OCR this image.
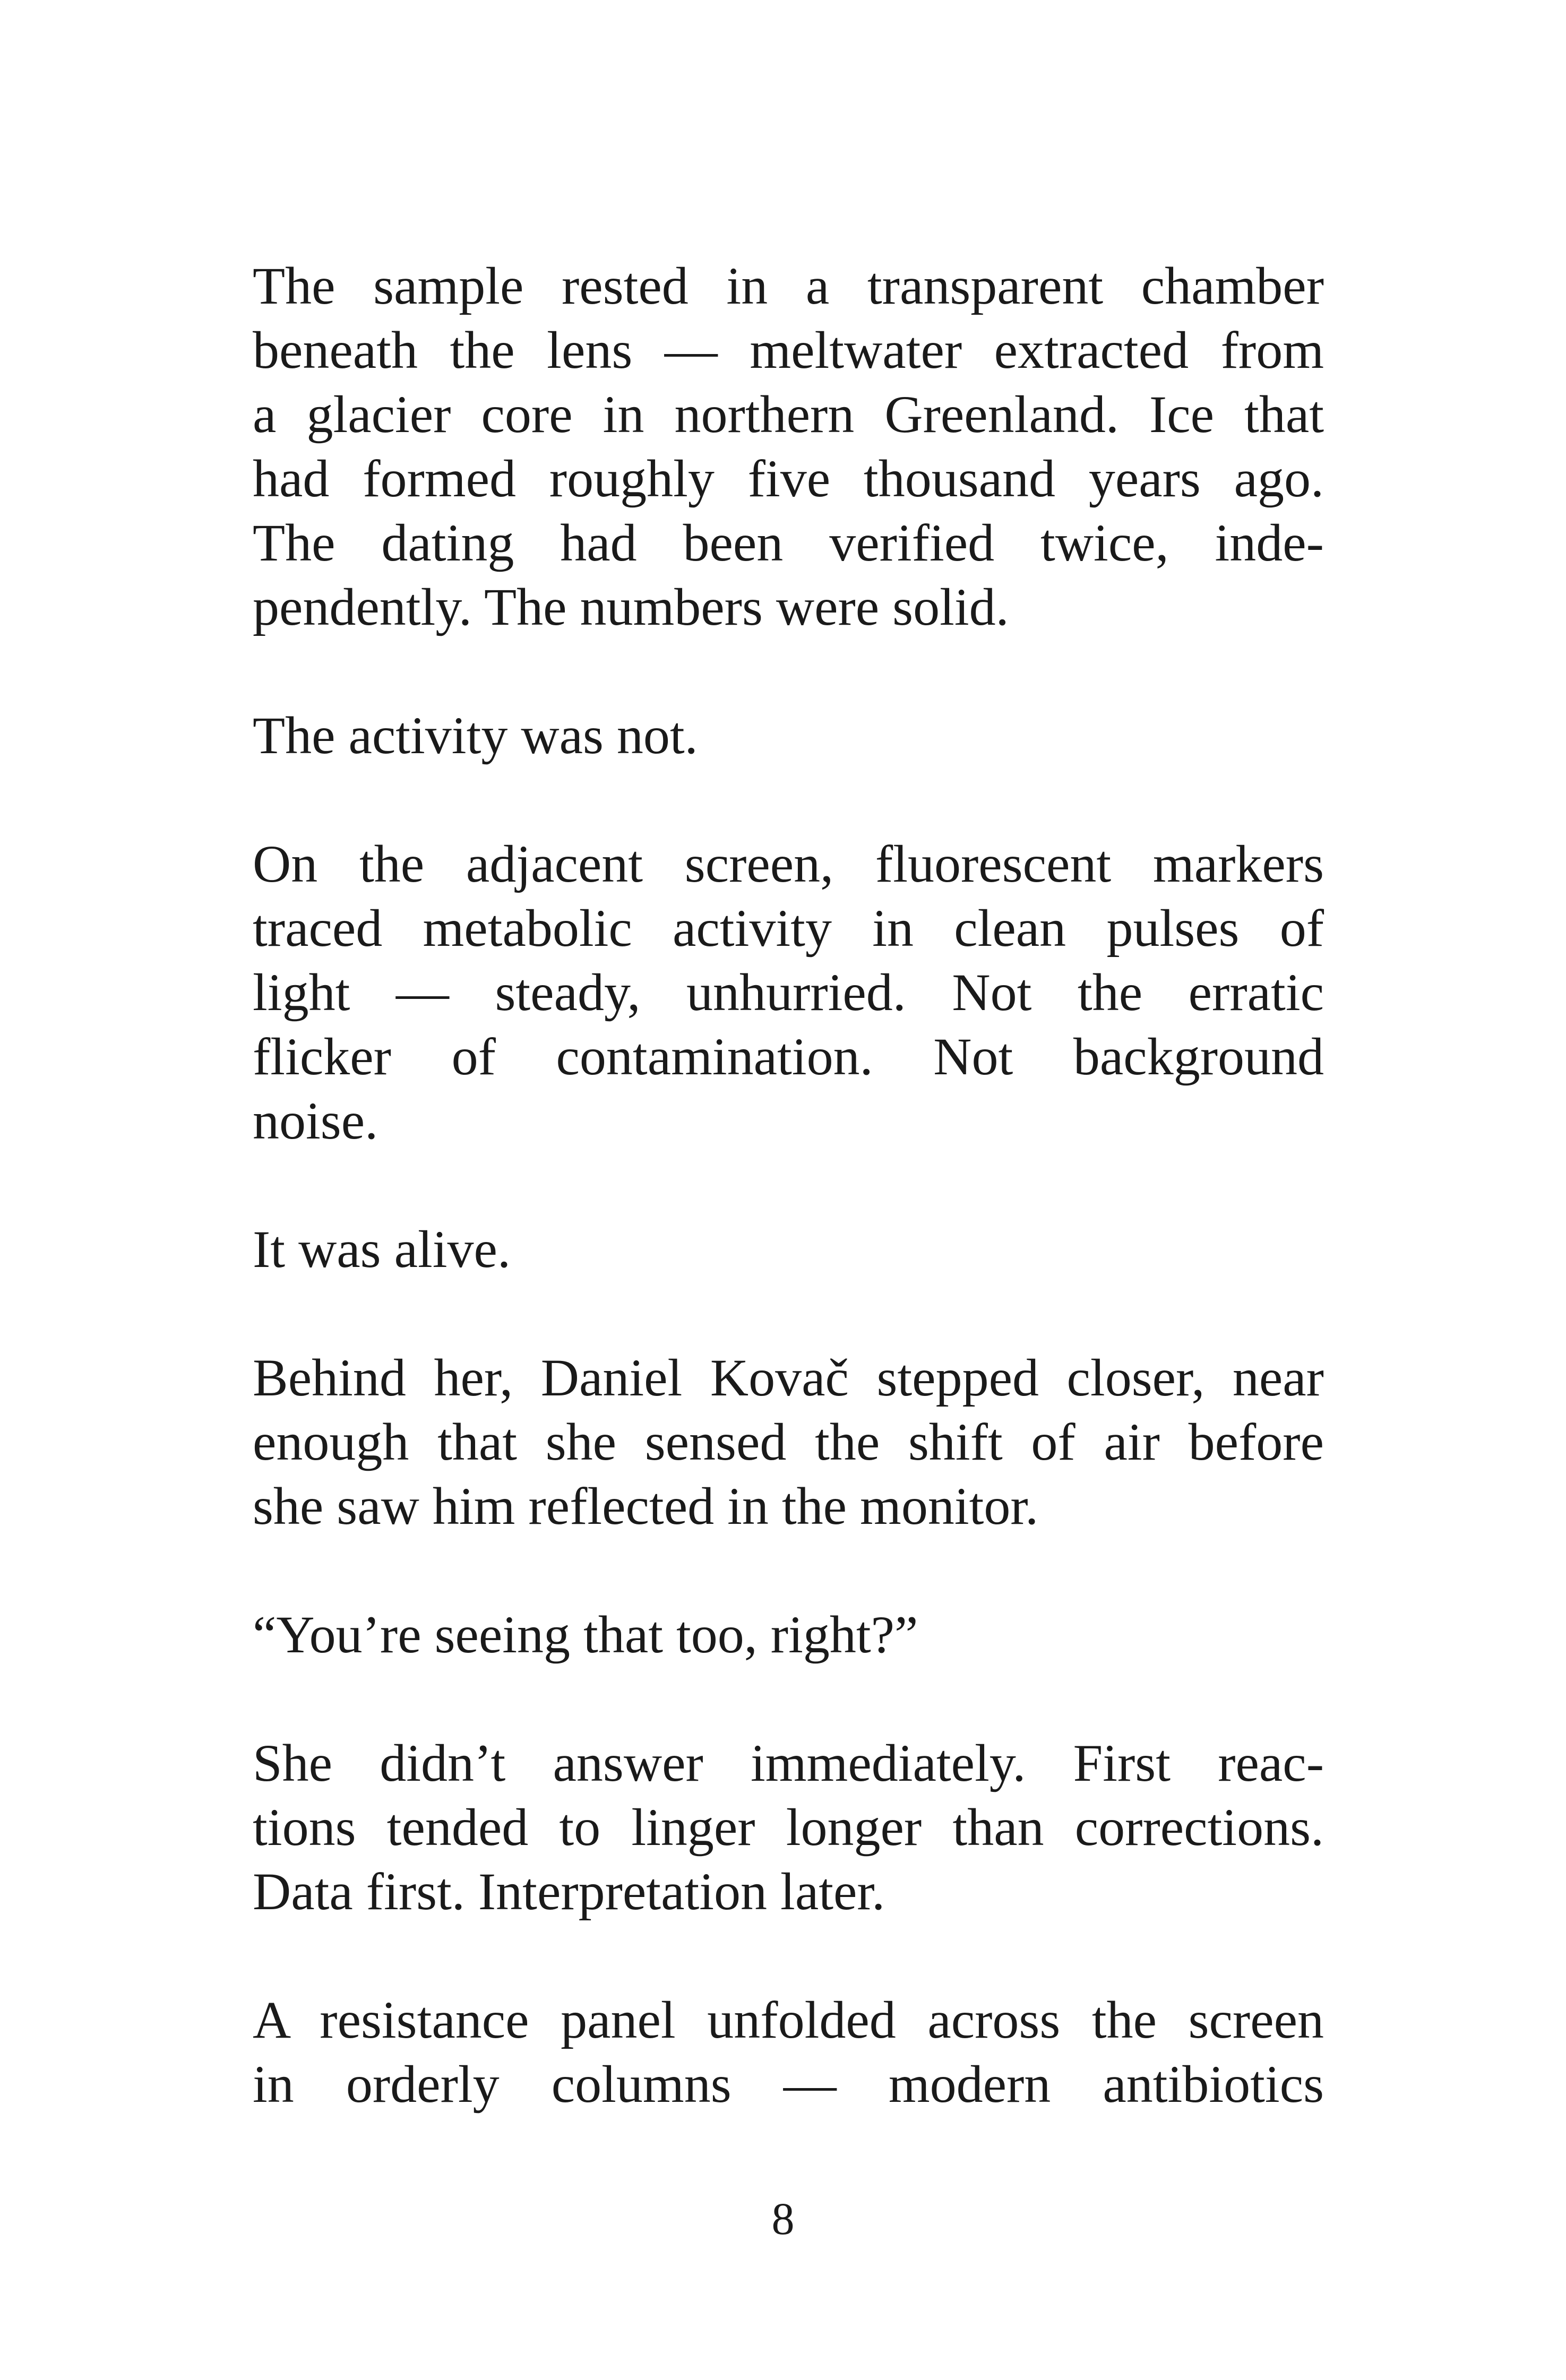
The sample rested in a transparent chamber
beneath the lens — meltwater extracted from
a glacier core in northern Greenland. Ice that
had formed roughly five thousand years ago.
The dating had been verified twice, inde-
pendently. The numbers were solid.

The activity was not.

On the adjacent screen, fluorescent markers
traced metabolic activity in clean pulses of
light — steady, unhurried. Not the erratic
flicker of contamination. Not background
noise.

It was alive.

Behind her, Daniel Kovač stepped closer, near
enough that she sensed the shift of air before
she saw him reflected in the monitor.

“You’re seeing that too, right?”

She didn’t answer immediately. First reac-
tions tended to linger longer than corrections.
Data first. Interpretation later.

A resistance panel unfolded across the screen
in orderly columns — modern antibiotics

8
